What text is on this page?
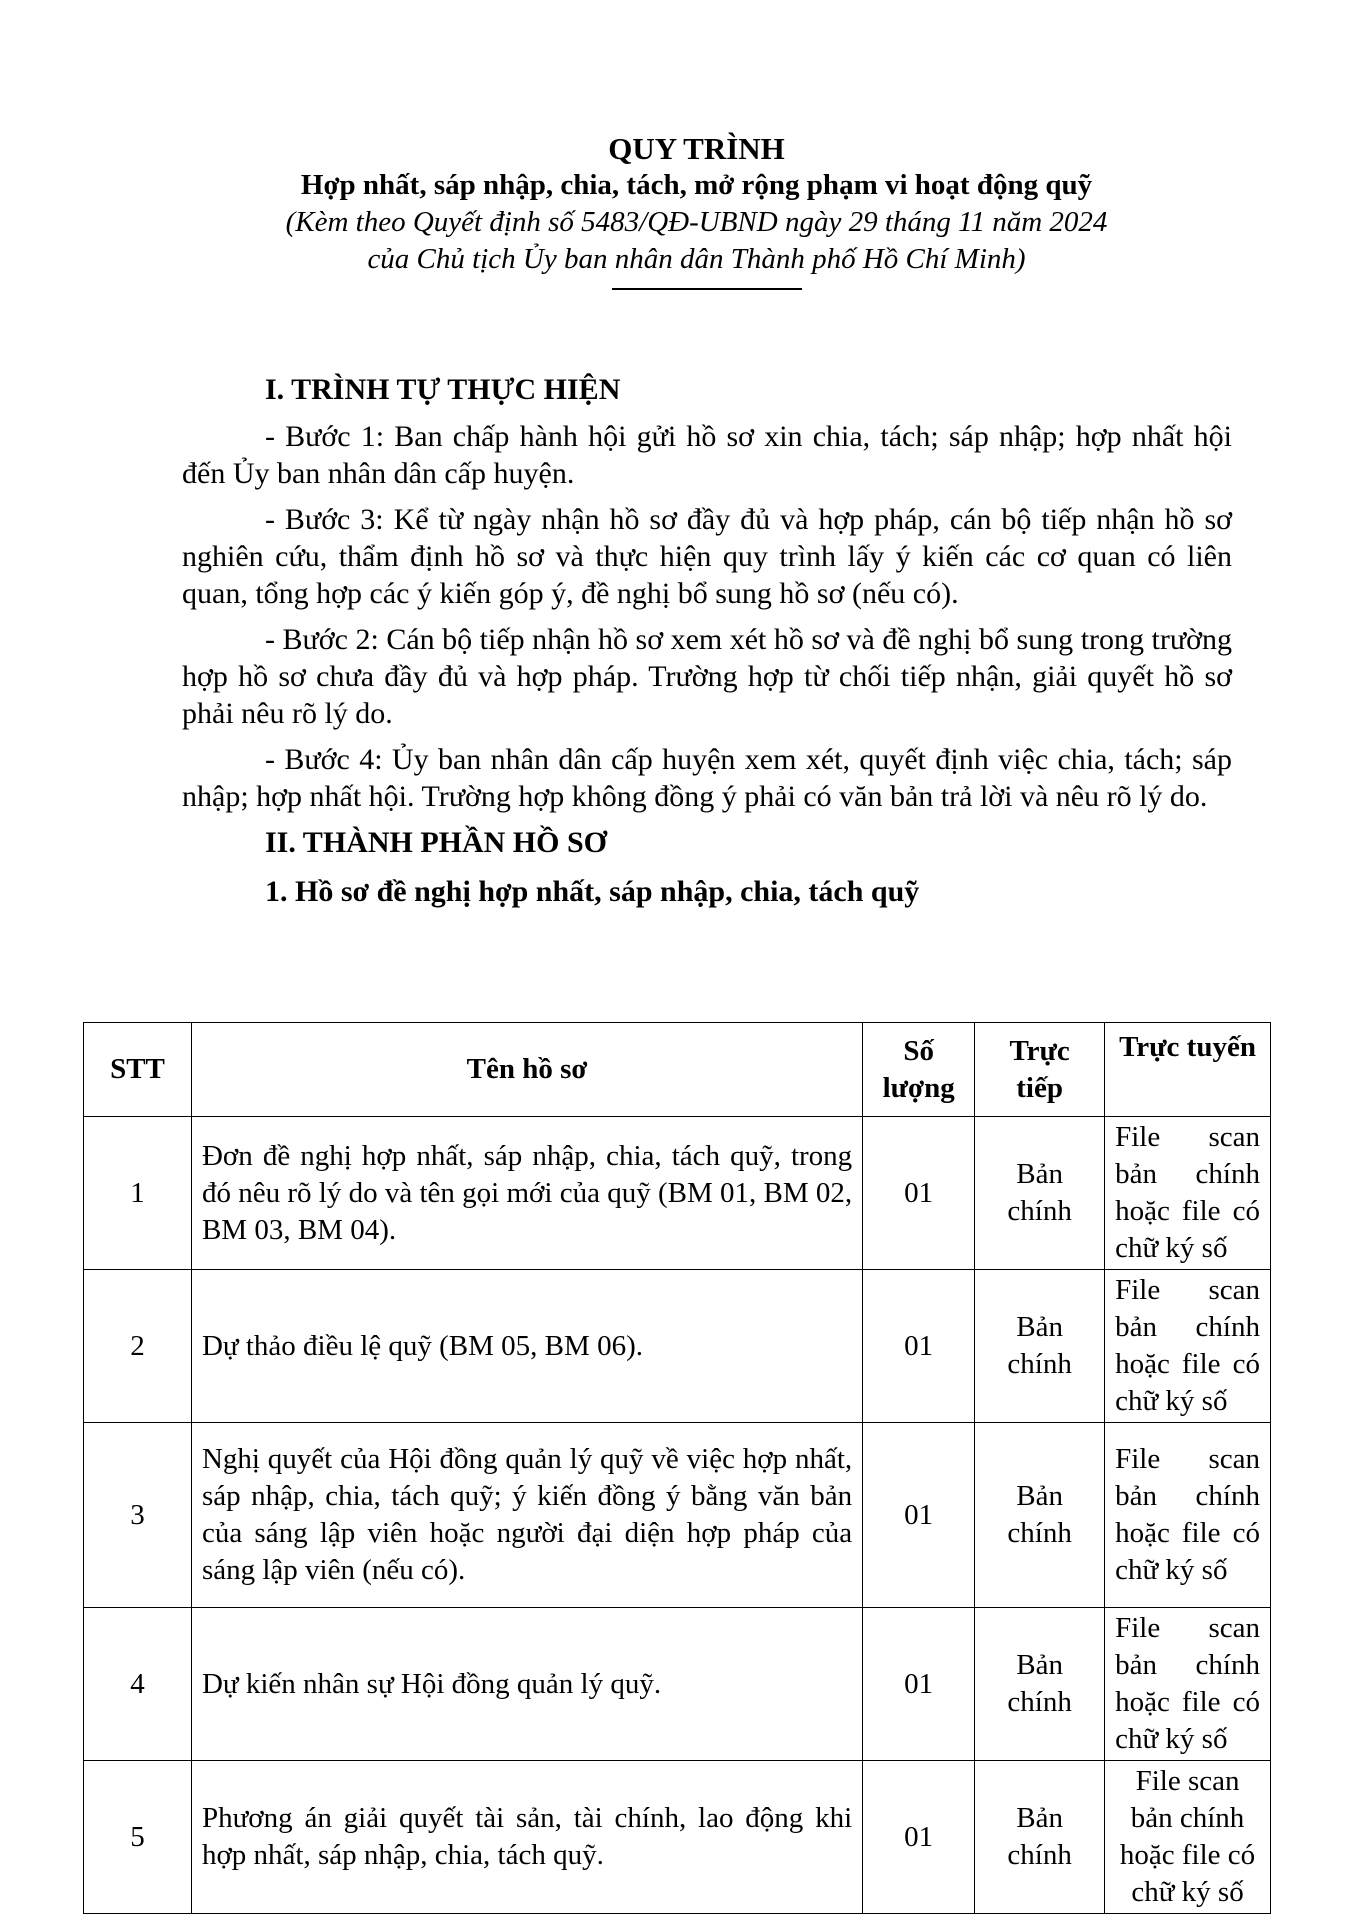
QUY TRÌNH
Hợp nhất, sáp nhập, chia, tách, mở rộng phạm vi hoạt động quỹ
(Kèm theo Quyết định số 5483/QĐ-UBND ngày 29 tháng 11 năm 2024
của Chủ tịch Ủy ban nhân dân Thành phố Hồ Chí Minh)
I. TRÌNH TỰ THỰC HIỆN

- Bước 1: Ban chấp hành hội gửi hồ sơ xin chia, tách; sáp nhập; hợp nhất hội đến Ủy ban nhân dân cấp huyện.

- Bước 3: Kể từ ngày nhận hồ sơ đầy đủ và hợp pháp, cán bộ tiếp nhận hồ sơ nghiên cứu, thẩm định hồ sơ và thực hiện quy trình lấy ý kiến các cơ quan có liên quan, tổng hợp các ý kiến góp ý, đề nghị bổ sung hồ sơ (nếu có).

- Bước 2: Cán bộ tiếp nhận hồ sơ xem xét hồ sơ và đề nghị bổ sung trong trường hợp hồ sơ chưa đầy đủ và hợp pháp. Trường hợp từ chối tiếp nhận, giải quyết hồ sơ phải nêu rõ lý do.

- Bước 4: Ủy ban nhân dân cấp huyện xem xét, quyết định việc chia, tách; sáp nhập; hợp nhất hội. Trường hợp không đồng ý phải có văn bản trả lời và nêu rõ lý do.

II. THÀNH PHẦN HỒ SƠ
1. Hồ sơ đề nghị hợp nhất, sáp nhập, chia, tách quỹ
STT	Tên hồ sơ	Số lượng	Trực tiếp	Trực tuyến
1	Đơn đề nghị hợp nhất, sáp nhập, chia, tách quỹ, trong đó nêu rõ lý do và tên gọi mới của quỹ (BM 01, BM 02, BM 03, BM 04).	01	Bản chính	File scan bản chính hoặc file có chữ ký số
2	Dự thảo điều lệ quỹ (BM 05, BM 06).	01	Bản chính	File scan bản chính hoặc file có chữ ký số
3	Nghị quyết của Hội đồng quản lý quỹ về việc hợp nhất, sáp nhập, chia, tách quỹ; ý kiến đồng ý bằng văn bản của sáng lập viên hoặc người đại diện hợp pháp của sáng lập viên (nếu có).	01	Bản chính	File scan bản chính hoặc file có chữ ký số
4	Dự kiến nhân sự Hội đồng quản lý quỹ.	01	Bản chính	File scan bản chính hoặc file có chữ ký số
5	Phương án giải quyết tài sản, tài chính, lao động khi hợp nhất, sáp nhập, chia, tách quỹ.	01	Bản chính	File scan bản chính hoặc file có chữ ký số
